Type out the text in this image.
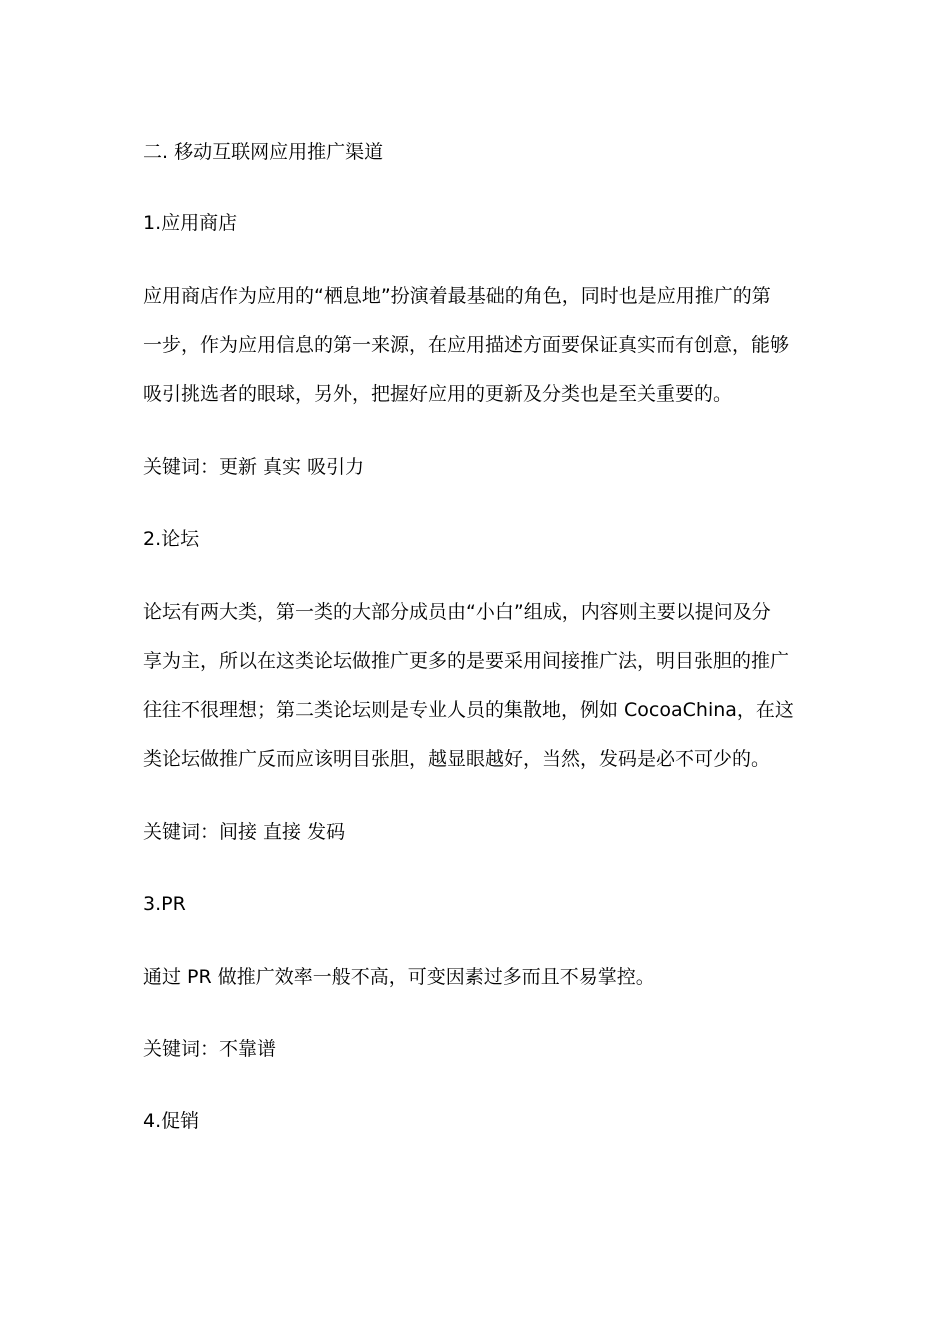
二. 移动互联网应用推广渠道
1.应用商店
应用商店作为应用的“栖息地”扮演着最基础的角色，同时也是应用推广的第
一步，作为应用信息的第一来源，在应用描述方面要保证真实而有创意，能够
吸引挑选者的眼球，另外，把握好应用的更新及分类也是至关重要的。
关键词：更新 真实 吸引力
2.论坛
论坛有两大类，第一类的大部分成员由“小白”组成，内容则主要以提问及分
享为主，所以在这类论坛做推广更多的是要采用间接推广法，明目张胆的推广
往往不很理想；第二类论坛则是专业人员的集散地，例如 CocoaChina，在这
类论坛做推广反而应该明目张胆，越显眼越好，当然，发码是必不可少的。
关键词：间接 直接 发码
3.PR
通过 PR 做推广效率一般不高，可变因素过多而且不易掌控。
关键词：不靠谱
4.促销
